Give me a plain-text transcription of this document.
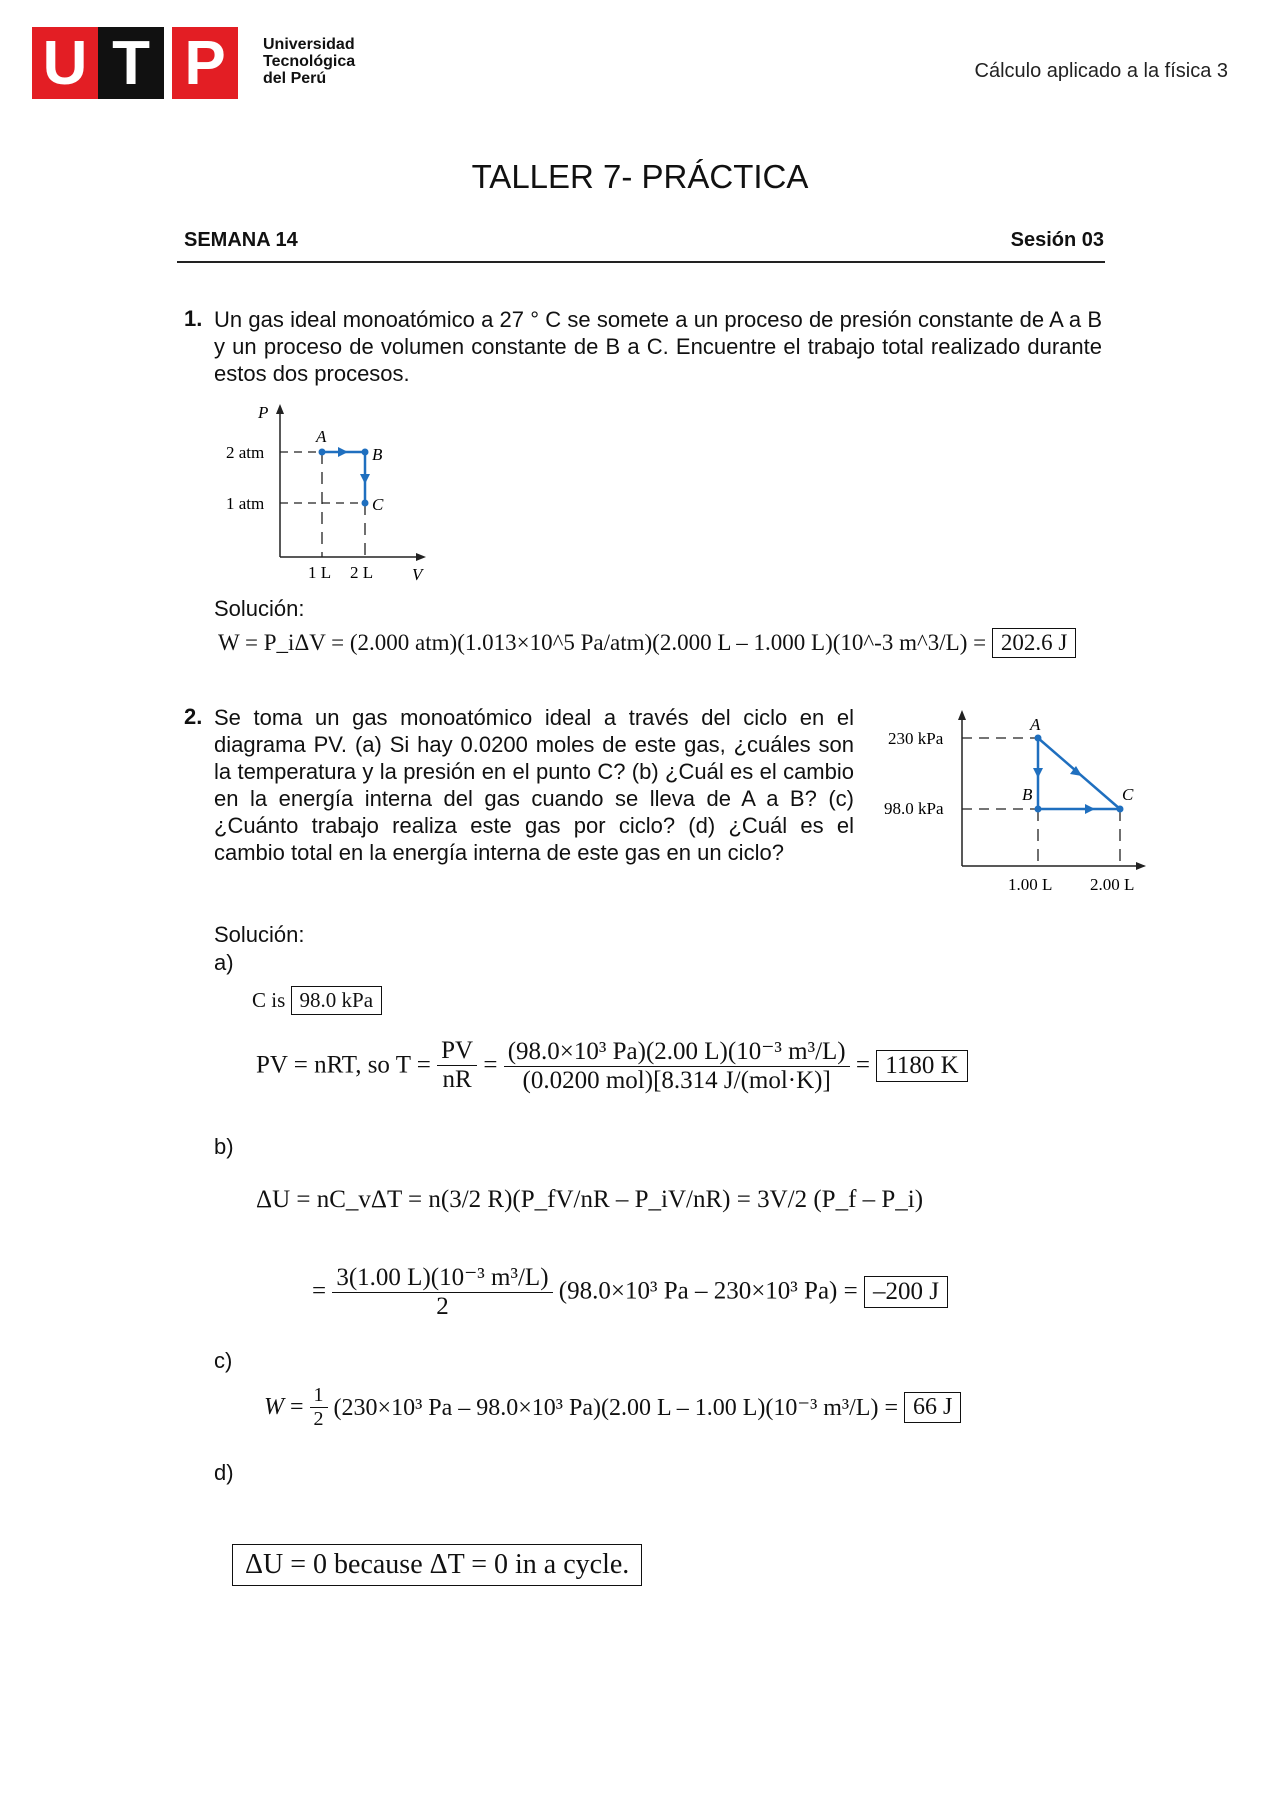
U T P	Universidad
Tecnológica
del Perú	Cálculo aplicado a la física 3
TALLER 7- PRÁCTICA
SEMANA 14	Sesión 03
1. Un gas ideal monoatómico a 27 ° C se somete a un proceso de presión constante de A a B y un proceso de volumen constante de B a C. Encuentre el trabajo total realizado durante estos dos procesos.
P
V
2 atm
1 atm
1 L 2 L
A
B
C
Solución:
W = P_iΔV = (2.000 atm)(1.013×10^5 Pa/atm)(2.000 L – 1.000 L)(10^-3 m^3/L) = 202.6 J
2. Se toma un gas monoatómico ideal a través del ciclo en el diagrama PV. (a) Si hay 0.0200 moles de este gas, ¿cuáles son la temperatura y la presión en el punto C? (b) ¿Cuál es el cambio en la energía interna del gas cuando se lleva de A a B? (c) ¿Cuánto trabajo realiza este gas por ciclo? (d) ¿Cuál es el cambio total en la energía interna de este gas en un ciclo?
230 kPa
98.0 kPa
1.00 L 2.00 L
A
B	C
Solución:
a)
C is 98.0 kPa
PV = nRT, so $T = \frac{PV}{nR} = \frac{\text{(98.0×10³ Pa)(2.00 L)(10⁻³ m³/L)}}{\text{(0.0200 mol)[8.314 J/(mol·K)]}} = 1180$ K
b)
ΔU = nC_vΔT = n(3/2 R)(P_fV/nR – P_iV/nR) = 3V/2 (P_f – P_i)
= $\frac{\text{3(1.00 L)(10⁻³ m³/L)}}{2} (98.0\times 10^3$ Pa – 230×10³ Pa) = –200 J
c)
$W = \frac{1}{2} (230\times 10^3$ Pa – 98.0×10³ Pa)(2.00 L – 1.00 L)(10⁻³ m³/L) = 66 J
d)
ΔU = 0 because ΔT = 0 in a cycle.
